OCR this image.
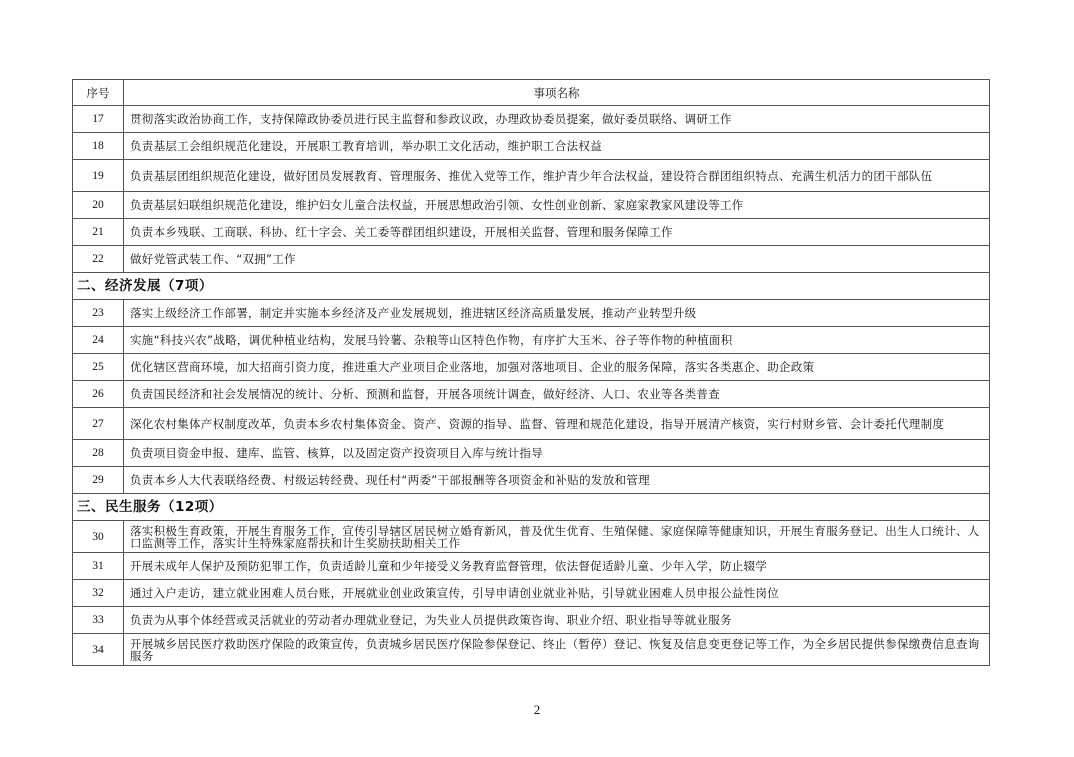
序号	事项名称
17	贯彻落实政治协商工作，支持保障政协委员进行民主监督和参政议政，办理政协委员提案，做好委员联络、调研工作
18	负责基层工会组织规范化建设，开展职工教育培训，举办职工文化活动，维护职工合法权益
19	负责基层团组织规范化建设，做好团员发展教育、管理服务、推优入党等工作，维护青少年合法权益，建设符合群团组织特点、充满生机活力的团干部队伍
20	负责基层妇联组织规范化建设，维护妇女儿童合法权益，开展思想政治引领、女性创业创新、家庭家教家风建设等工作
21	负责本乡残联、工商联、科协、红十字会、关工委等群团组织建设，开展相关监督、管理和服务保障工作
22	做好党管武装工作、“双拥”工作
二、经济发展（7项）	
23	落实上级经济工作部署，制定并实施本乡经济及产业发展规划，推进辖区经济高质量发展，推动产业转型升级
24	实施“科技兴农”战略，调优种植业结构，发展马铃薯、杂粮等山区特色作物，有序扩大玉米、谷子等作物的种植面积
25	优化辖区营商环境，加大招商引资力度，推进重大产业项目企业落地，加强对落地项目、企业的服务保障，落实各类惠企、助企政策
26	负责国民经济和社会发展情况的统计、分析、预测和监督，开展各项统计调查，做好经济、人口、农业等各类普查
27	深化农村集体产权制度改革，负责本乡农村集体资金、资产、资源的指导、监督、管理和规范化建设，指导开展清产核资，实行村财乡管、会计委托代理制度
28	负责项目资金申报、建库、监管、核算，以及固定资产投资项目入库与统计指导
29	负责本乡人大代表联络经费、村级运转经费、现任村“两委”干部报酬等各项资金和补贴的发放和管理
三、民生服务（12项）	
30	落实积极生育政策，开展生育服务工作，宣传引导辖区居民树立婚育新风，普及优生优育、生殖保健、家庭保障等健康知识，开展生育服务登记、出生人口统计、人口监测等工作，落实计生特殊家庭帮扶和计生奖励扶助相关工作
31	开展未成年人保护及预防犯罪工作，负责适龄儿童和少年接受义务教育监督管理，依法督促适龄儿童、少年入学，防止辍学
32	通过入户走访，建立就业困难人员台账，开展就业创业政策宣传，引导申请创业就业补贴，引导就业困难人员申报公益性岗位
33	负责为从事个体经营或灵活就业的劳动者办理就业登记，为失业人员提供政策咨询、职业介绍、职业指导等就业服务
34	开展城乡居民医疗救助医疗保险的政策宣传，负责城乡居民医疗保险参保登记、终止（暂停）登记、恢复及信息变更登记等工作，为全乡居民提供参保缴费信息查询服务
2
